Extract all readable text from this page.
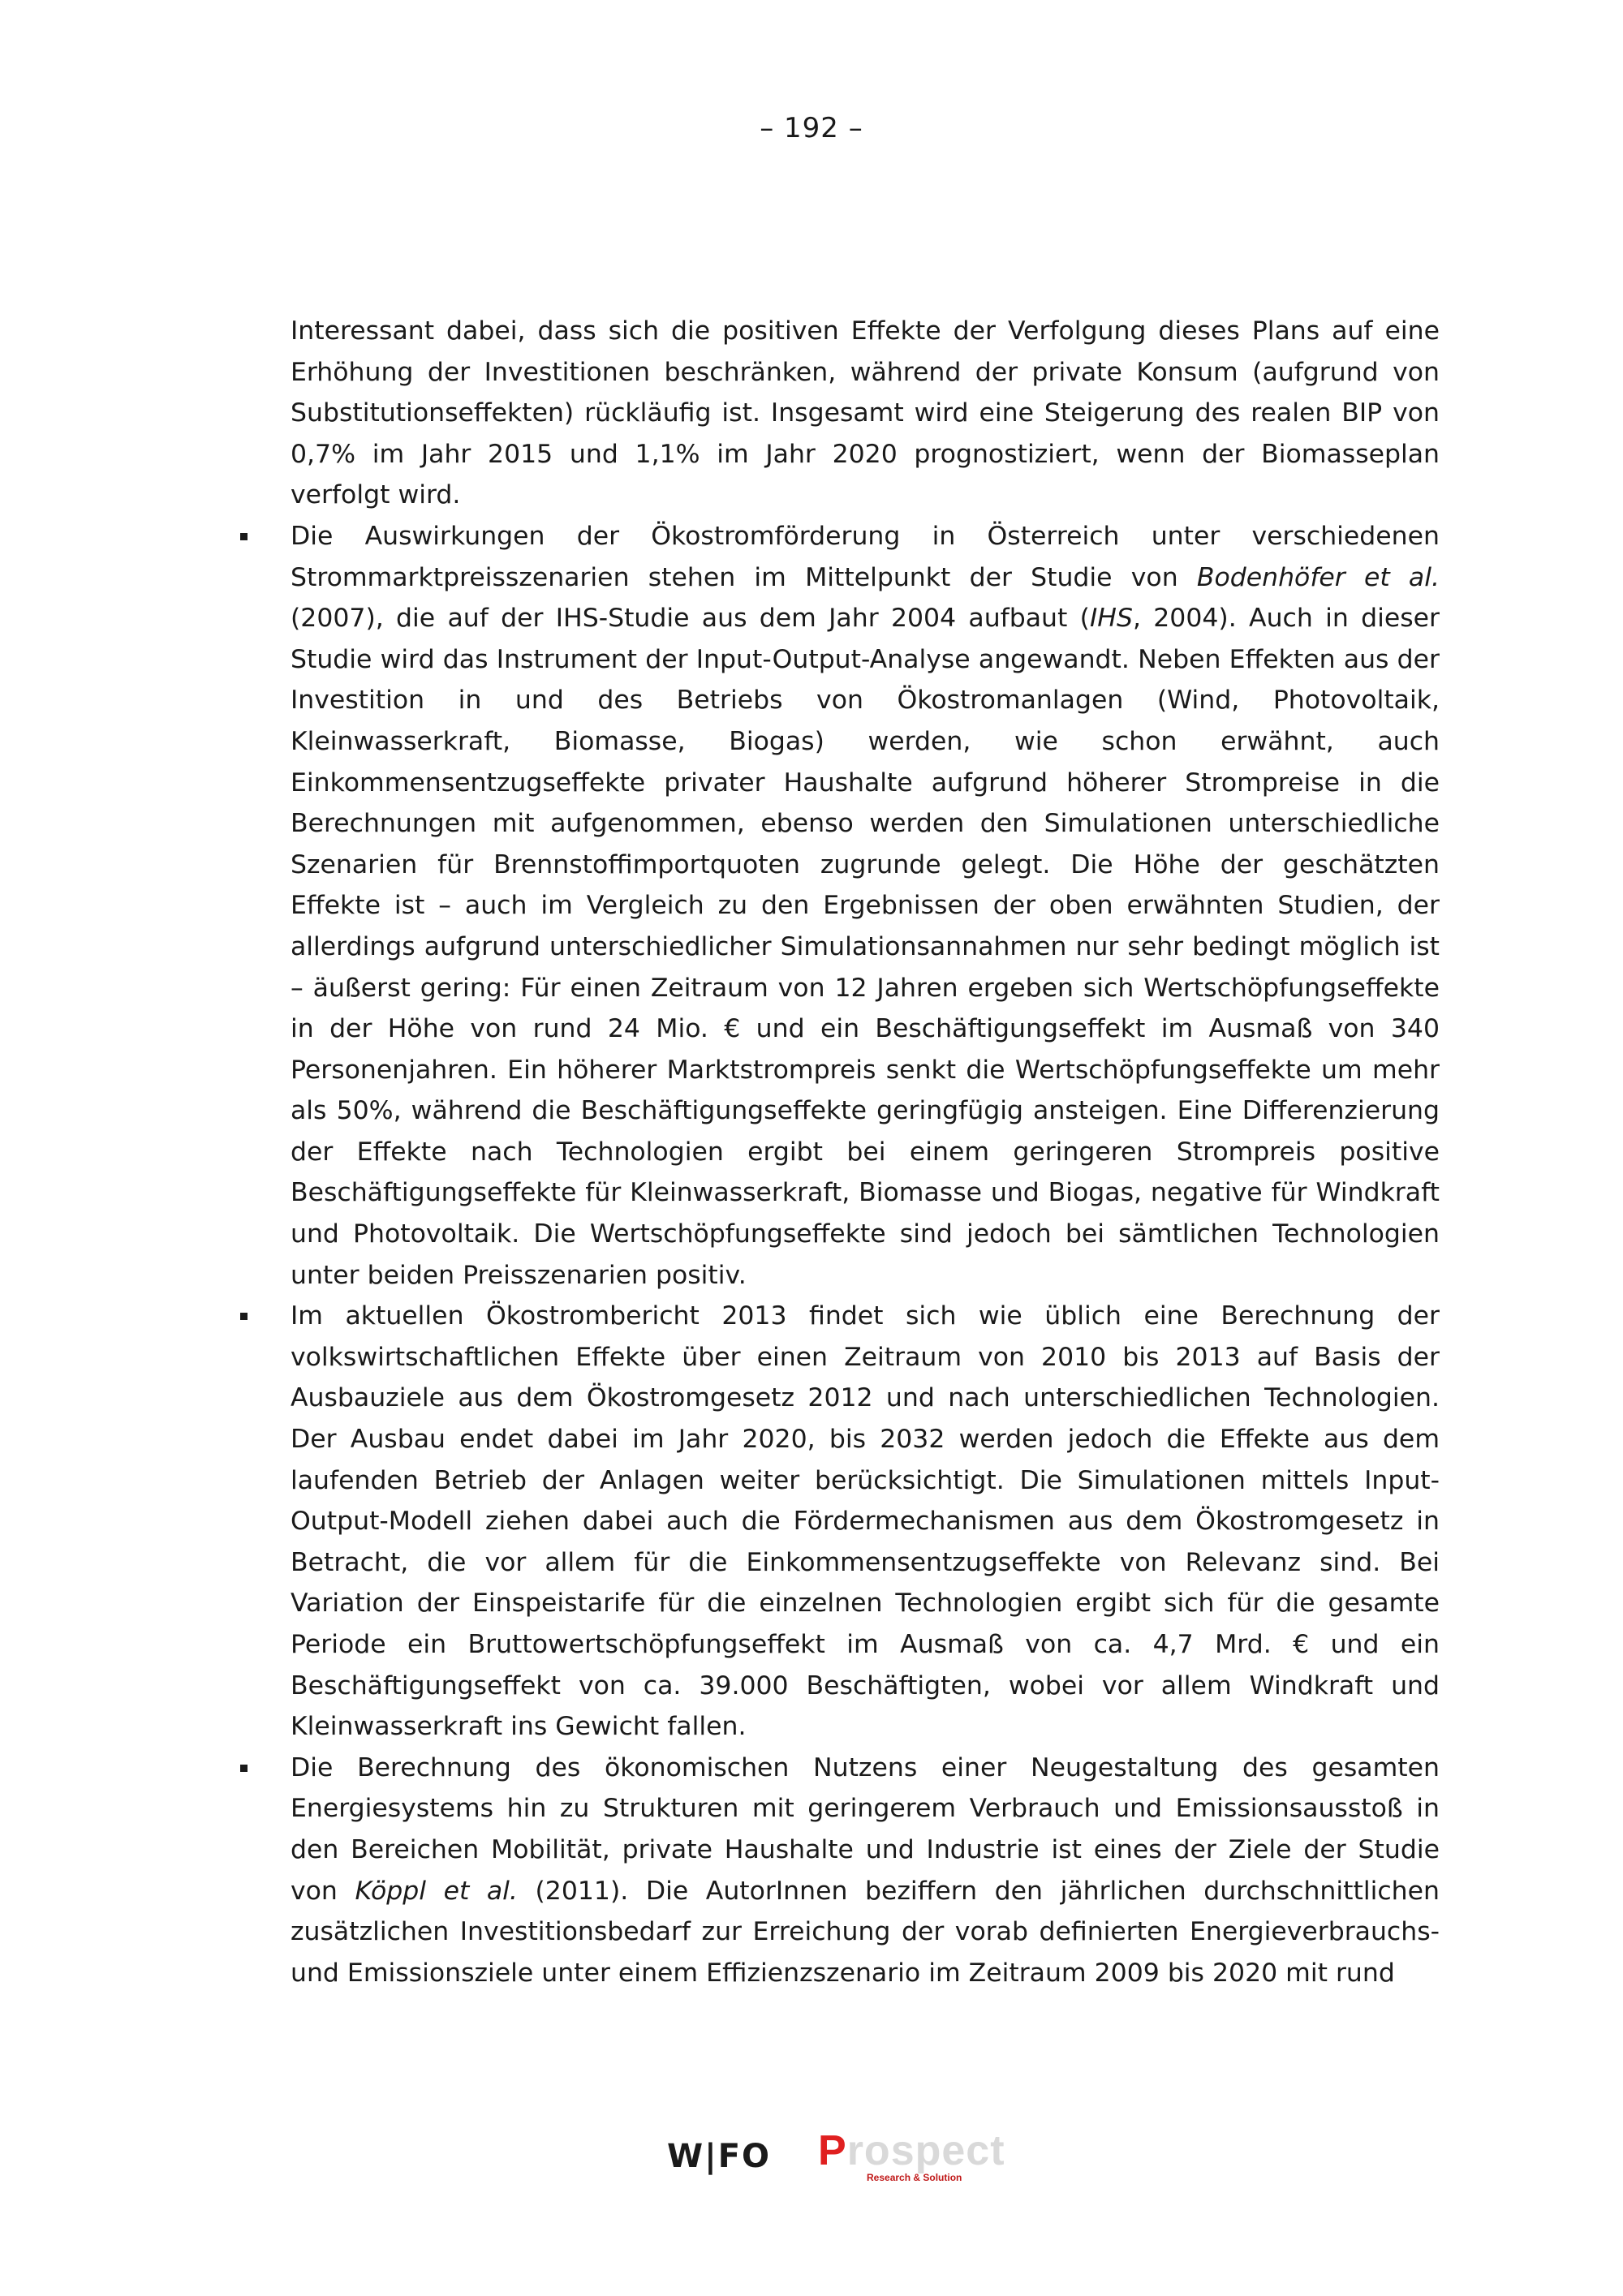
– 192 –

Interessant dabei, dass sich die positiven Effekte der Verfolgung dieses Plans auf eine Erhöhung der Investitionen beschränken, während der private Konsum (aufgrund von Substitutionseffekten) rückläufig ist. Insgesamt wird eine Steigerung des realen BIP von 0,7% im Jahr 2015 und 1,1% im Jahr 2020 prognostiziert, wenn der Biomasseplan verfolgt wird.

Die Auswirkungen der Ökostromförderung in Österreich unter verschiedenen Strommarktpreisszenarien stehen im Mittelpunkt der Studie von Bodenhöfer et al. (2007), die auf der IHS-Studie aus dem Jahr 2004 aufbaut (IHS, 2004). Auch in dieser Studie wird das Instrument der Input-Output-Analyse angewandt. Neben Effekten aus der Investition in und des Betriebs von Ökostromanlagen (Wind, Photovoltaik, Kleinwasserkraft, Biomasse, Biogas) werden, wie schon erwähnt, auch Einkommensentzugseffekte privater Haushalte aufgrund höherer Strompreise in die Berechnungen mit aufgenommen, ebenso werden den Simulationen unterschiedliche Szenarien für Brennstoffimportquoten zugrunde gelegt. Die Höhe der geschätzten Effekte ist – auch im Vergleich zu den Ergebnissen der oben erwähnten Studien, der allerdings aufgrund unterschiedlicher Simulationsannahmen nur sehr bedingt möglich ist – äußerst gering: Für einen Zeitraum von 12 Jahren ergeben sich Wertschöpfungseffekte in der Höhe von rund 24 Mio. € und ein Beschäftigungseffekt im Ausmaß von 340 Personenjahren. Ein höherer Marktstrompreis senkt die Wertschöpfungseffekte um mehr als 50%, während die Beschäftigungseffekte geringfügig ansteigen. Eine Differenzierung der Effekte nach Technologien ergibt bei einem geringeren Strompreis positive Beschäftigungseffekte für Kleinwasserkraft, Biomasse und Biogas, negative für Windkraft und Photovoltaik. Die Wertschöpfungseffekte sind jedoch bei sämtlichen Technologien unter beiden Preisszenarien positiv.

Im aktuellen Ökostrombericht 2013 findet sich wie üblich eine Berechnung der volkswirtschaftlichen Effekte über einen Zeitraum von 2010 bis 2013 auf Basis der Ausbauziele aus dem Ökostromgesetz 2012 und nach unterschiedlichen Technologien. Der Ausbau endet dabei im Jahr 2020, bis 2032 werden jedoch die Effekte aus dem laufenden Betrieb der Anlagen weiter berücksichtigt. Die Simulationen mittels Input-Output-Modell ziehen dabei auch die Fördermechanismen aus dem Ökostromgesetz in Betracht, die vor allem für die Einkommensentzugseffekte von Relevanz sind. Bei Variation der Einspeistarife für die einzelnen Technologien ergibt sich für die gesamte Periode ein Bruttowertschöpfungseffekt im Ausmaß von ca. 4,7 Mrd. € und ein Beschäftigungseffekt von ca. 39.000 Beschäftigten, wobei vor allem Windkraft und Kleinwasserkraft ins Gewicht fallen.

Die Berechnung des ökonomischen Nutzens einer Neugestaltung des gesamten Energiesystems hin zu Strukturen mit geringerem Verbrauch und Emissionsausstoß in den Bereichen Mobilität, private Haushalte und Industrie ist eines der Ziele der Studie von Köppl et al. (2011). Die AutorInnen beziffern den jährlichen durchschnittlichen zusätzlichen Investitionsbedarf zur Erreichung der vorab definierten Energieverbrauchs- und Emissionsziele unter einem Effizienzszenario im Zeitraum 2009 bis 2020 mit rund

W|FO Prospect
Research & Solution
